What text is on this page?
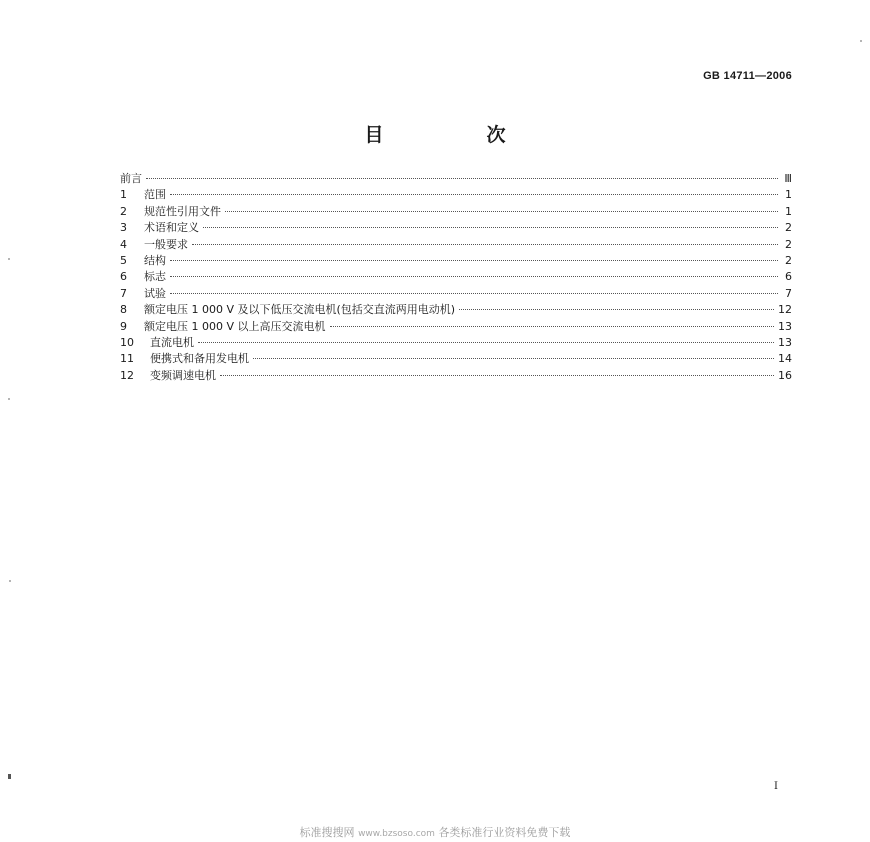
GB 14711—2006
目　次
前言	Ⅲ
1	范围	1
2	规范性引用文件	1
3	术语和定义	2
4	一般要求	2
5	结构	2
6	标志	6
7	试验	7
8	额定电压 1 000 V 及以下低压交流电机(包括交直流两用电动机)	12
9	额定电压 1 000 V 以上高压交流电机	13
10	直流电机	13
11	便携式和备用发电机	14
12	变频调速电机	16
Ⅰ
标准搜搜网 www.bzsoso.com 各类标准行业资料免费下载
